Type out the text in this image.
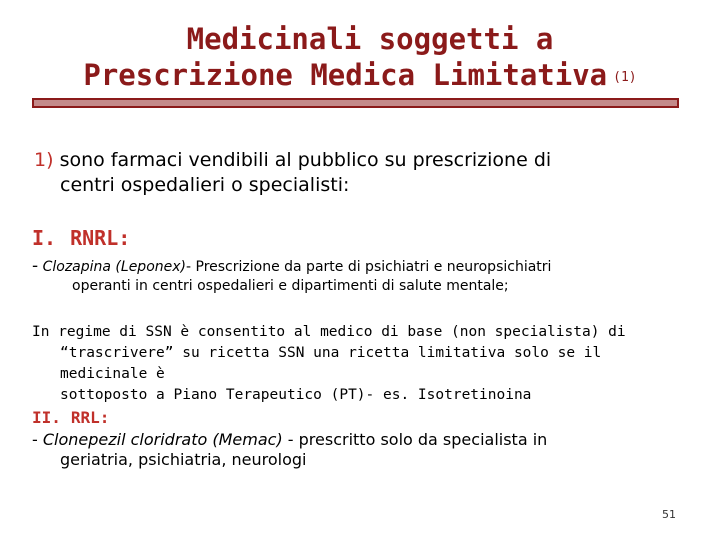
Medicinali soggetti a
Prescrizione Medica Limitativa (1)
1) sono farmaci vendibili al pubblico su prescrizione di
centri ospedalieri o specialisti:
I. RNRL:
- Clozapina (Leponex)- Prescrizione da parte di psichiatri e neuropsichiatri
operanti in centri ospedalieri e dipartimenti di salute mentale;
In regime di SSN è consentito al medico di base (non specialista) di
“trascrivere” su ricetta SSN una ricetta limitativa solo se il medicinale è
sottoposto a Piano Terapeutico (PT)- es. Isotretinoina
II. RRL:
- Clonepezil cloridrato (Memac) - prescritto solo da specialista in
geriatria, psichiatria, neurologi
51
